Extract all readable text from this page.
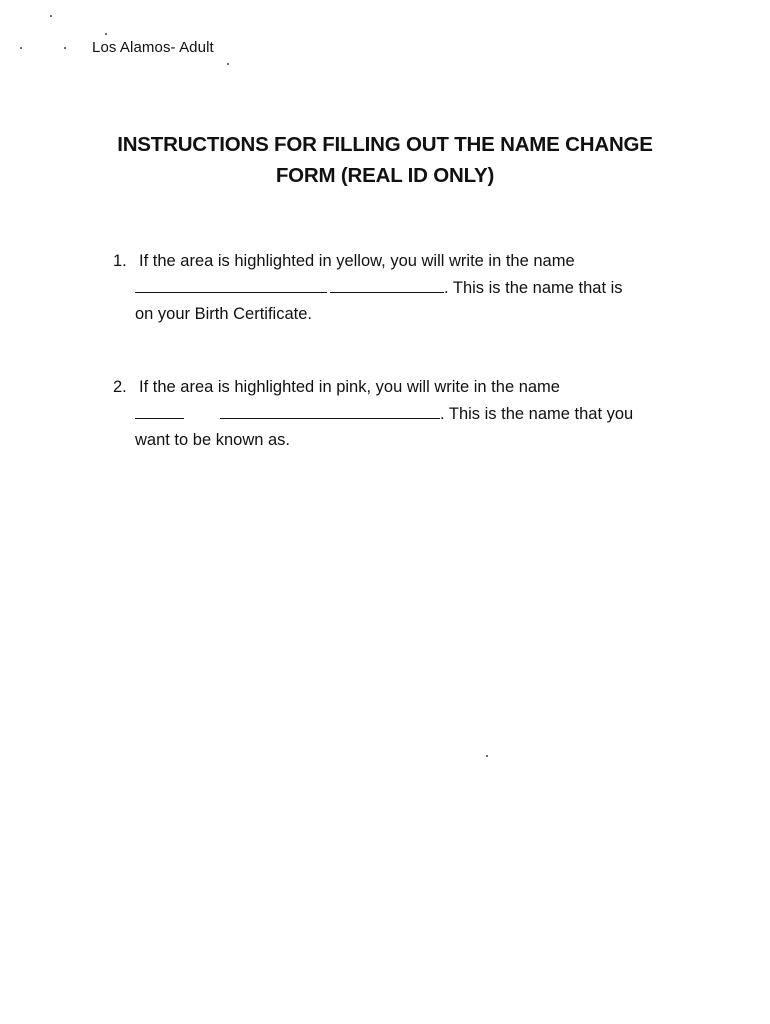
Los Alamos- Adult
INSTRUCTIONS FOR FILLING OUT THE NAME CHANGE
FORM (REAL ID ONLY)
1. If the area is highlighted in yellow, you will write in the name
. This is the name that is
on your Birth Certificate.
2. If the area is highlighted in pink, you will write in the name
. This is the name that you
want to be known as.
